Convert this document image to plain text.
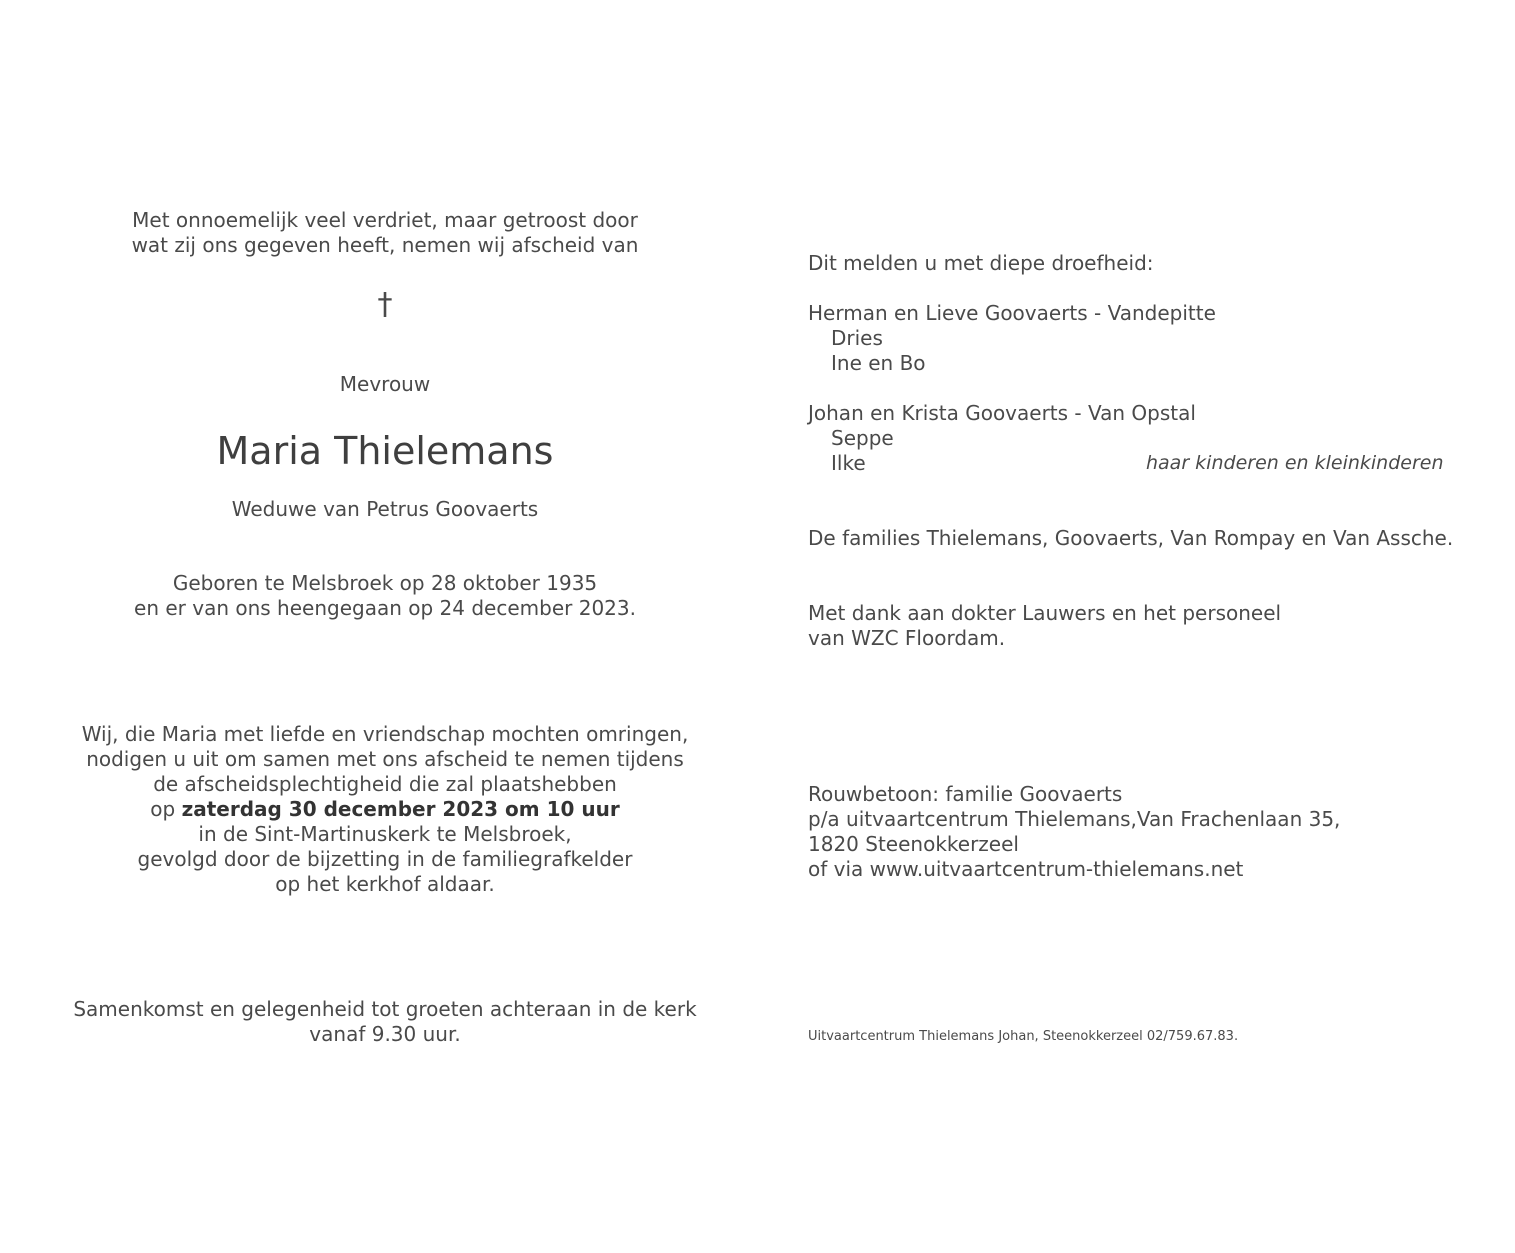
Met onnoemelijk veel verdriet, maar getroost door
wat zij ons gegeven heeft, nemen wij afscheid van
†
Mevrouw
Maria Thielemans
Weduwe van Petrus Goovaerts
Geboren te Melsbroek op 28 oktober 1935
en er van ons heengegaan op 24 december 2023.
Wij, die Maria met liefde en vriendschap mochten omringen,
nodigen u uit om samen met ons afscheid te nemen tijdens
de afscheidsplechtigheid die zal plaatshebben
op zaterdag 30 december 2023 om 10 uur
in de Sint-Martinuskerk te Melsbroek,
gevolgd door de bijzetting in de familiegrafkelder
op het kerkhof aldaar.
Samenkomst en gelegenheid tot groeten achteraan in de kerk
vanaf 9.30 uur.
Dit melden u met diepe droefheid:
Herman en Lieve Goovaerts - Vandepitte
Dries
Ine en Bo
Johan en Krista Goovaerts - Van Opstal
Seppe
Ilke	haar kinderen en kleinkinderen
De families Thielemans, Goovaerts, Van Rompay en Van Assche.
Met dank aan dokter Lauwers en het personeel
van WZC Floordam.
Rouwbetoon: familie Goovaerts
p/a uitvaartcentrum Thielemans,Van Frachenlaan 35,
1820 Steenokkerzeel
of via www.uitvaartcentrum-thielemans.net
Uitvaartcentrum Thielemans Johan, Steenokkerzeel 02/759.67.83.
